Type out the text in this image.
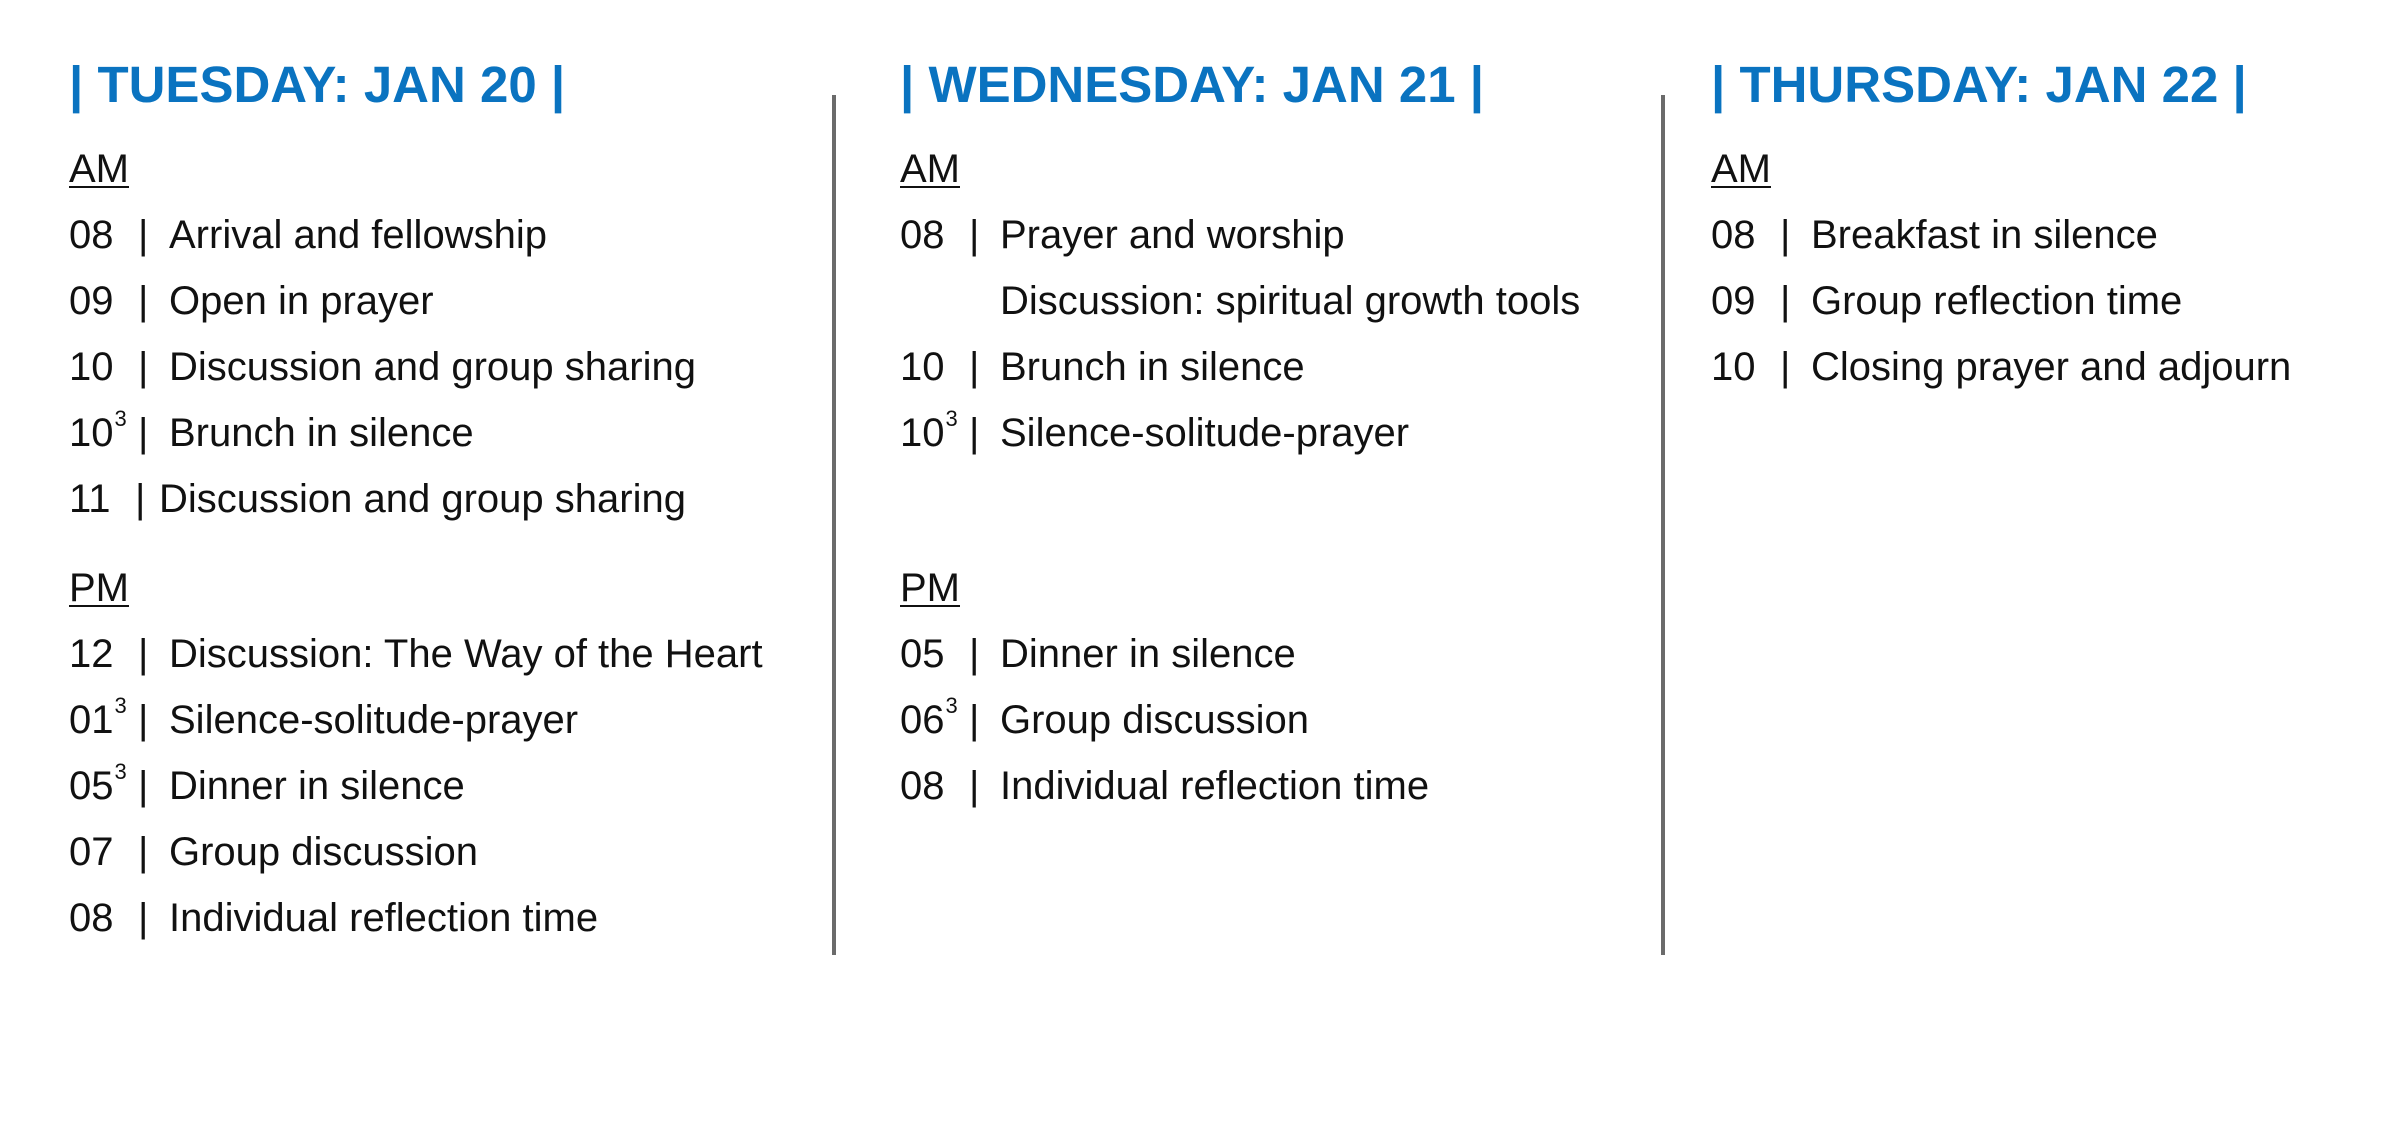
| TUESDAY: JAN 20 |
AM
08 | Arrival and fellowship
09 | Open in prayer
10 | Discussion and group sharing
$10^3$ | Brunch in silence
11 | Discussion and group sharing
PM
12 | Discussion: The Way of the Heart
$01^3$ | Silence-solitude-prayer
$05^3$ | Dinner in silence
07 | Group discussion
08 | Individual reflection time
| WEDNESDAY: JAN 21 |
AM
08 | Prayer and worship
Discussion: spiritual growth tools
10 | Brunch in silence
$10^3$ | Silence-solitude-prayer
PM
05 | Dinner in silence
$06^3$ | Group discussion
08 | Individual reflection time
| THURSDAY: JAN 22 |
AM
08 | Breakfast in silence
09 | Group reflection time
10 | Closing prayer and adjourn
